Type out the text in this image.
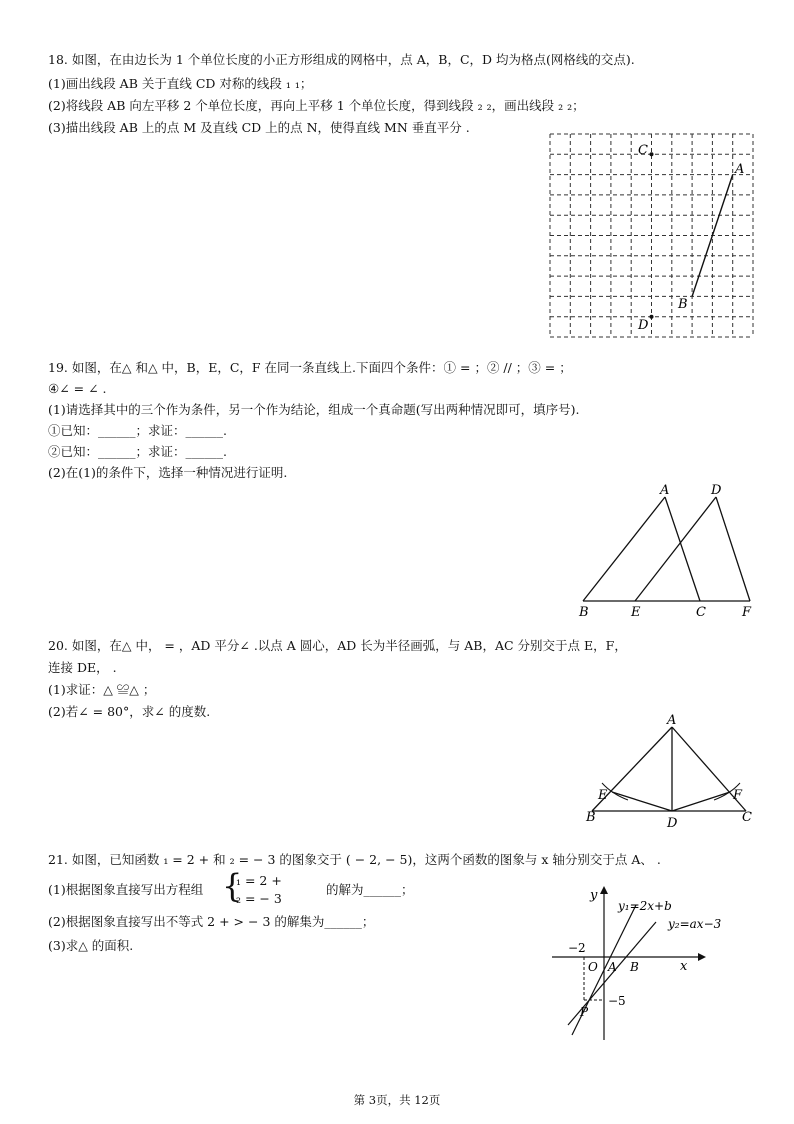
18. 如图，在由边长为 1 个单位长度的小正方形组成的网格中，点 A，B，C，D 均为格点(网格线的交点).
(1)画出线段 AB 关于直线 CD 对称的线段 ₁ ₁；
(2)将线段 AB 向左平移 2 个单位长度，再向上平移 1 个单位长度，得到线段 ₂ ₂，画出线段 ₂ ₂；
(3)描出线段 AB 上的点 M 及直线 CD 上的点 N，使得直线 MN 垂直平分 .
C
A
B
D
19. 如图，在△ 和△ 中，B，E，C，F 在同一条直线上.下面四个条件：① = ；② // ；③ = ；
④∠ = ∠ .
(1)请选择其中的三个作为条件，另一个作为结论，组成一个真命题(写出两种情况即可，填序号).
①已知：______；求证：______.
②已知：______；求证：______.
(2)在(1)的条件下，选择一种情况进行证明.
A	D
B	E	C	F
20. 如图，在△ 中， = ，AD 平分∠ .以点 A 圆心，AD 长为半径画弧，与 AB，AC 分别交于点 E，F，
连接 DE， .
(1)求证：△ ≌△ ；
(2)若∠ = 80°，求∠ 的度数.
A
E	F
B	D	C
21. 如图，已知函数 ₁ = 2 + 和 ₂ = − 3 的图象交于 ( − 2, − 5)，这两个函数的图象与 x 轴分别交于点 A、 .
(1)根据图象直接写出方程组 {
₁ = 2 +
₂ = − 3
的解为______；
(2)根据图象直接写出不等式 2 + > − 3 的解集为______；
(3)求△ 的面积.
y
x
y₁=2x+b
y₂=ax−3
−2
−5
O A B
P
第 3页，共 12页
